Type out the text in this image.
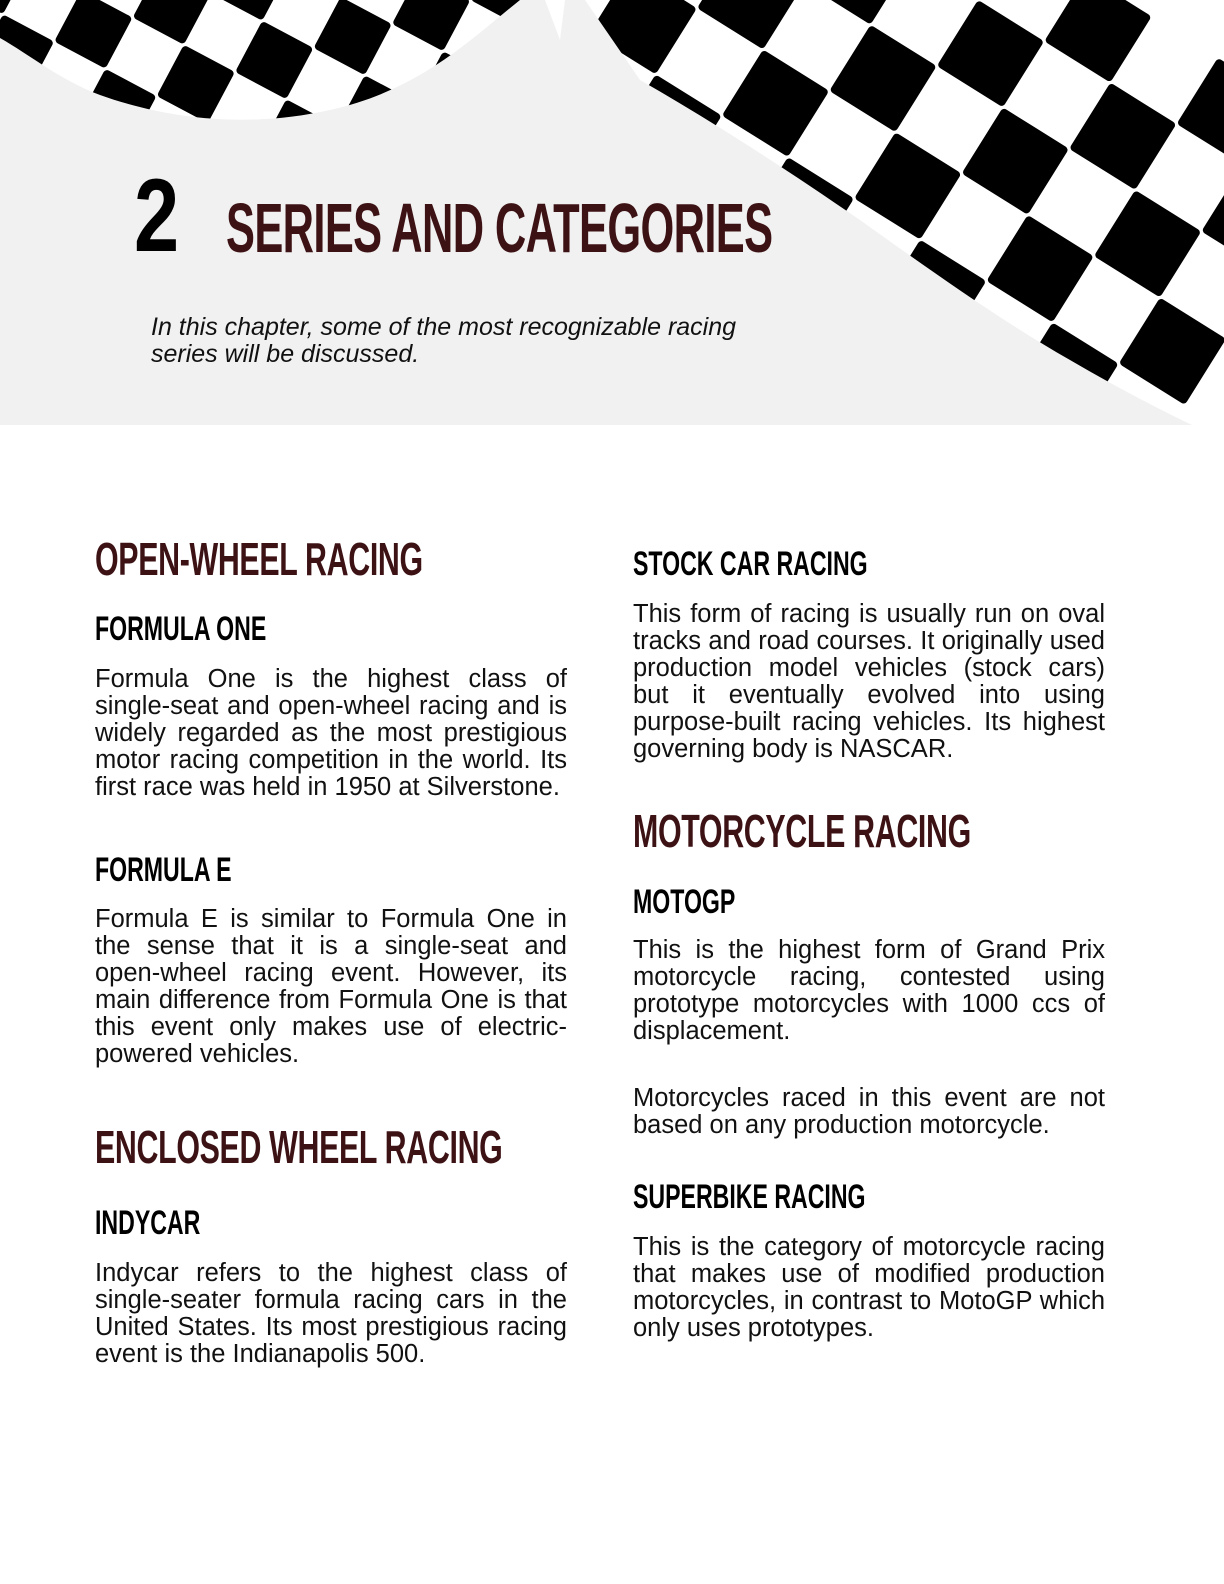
2 SERIES AND CATEGORIES
In this chapter, some of the most recognizable racing series will be discussed.
OPEN-WHEEL RACING
FORMULA ONE

Formula One is the highest class of single-seat and open-wheel racing and is widely regarded as the most prestigious motor racing competition in the world. Its first race was held in 1950 at Silverstone.

FORMULA E

Formula E is similar to Formula One in the sense that it is a single-seat and open-wheel racing event. However, its main difference from Formula One is that this event only makes use of electric-powered vehicles.

ENCLOSED WHEEL RACING
INDYCAR

Indycar refers to the highest class of single-seater formula racing cars in the United States. Its most prestigious racing event is the Indianapolis 500.

STOCK CAR RACING

This form of racing is usually run on oval tracks and road courses. It originally used production model vehicles (stock cars) but it eventually evolved into using purpose-built racing vehicles. Its highest governing body is NASCAR.

MOTORCYCLE RACING
MOTOGP

This is the highest form of Grand Prix motorcycle racing, contested using prototype motorcycles with 1000 ccs of displacement.

Motorcycles raced in this event are not based on any production motorcycle.

SUPERBIKE RACING

This is the category of motorcycle racing that makes use of modified production motorcycles, in contrast to MotoGP which only uses prototypes.
